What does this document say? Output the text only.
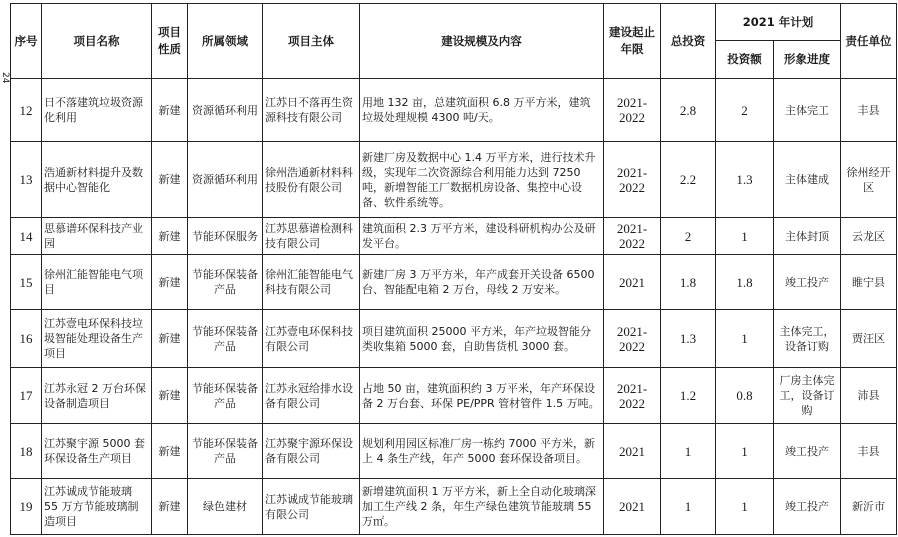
24
序号	项目名称	项目性质	所属领域	项目主体	建设规模及内容	建设起止年限	总投资	2021 年计划		责任单位
								投资额	形象进度	
12	日不落建筑垃圾资源化利用	新建	资源循环利用	江苏日不落再生资源科技有限公司	用地 132 亩，总建筑面积 6.8 万平方米，建筑垃圾处理规模 4300 吨/天。	2021-2022	2.8	2	主体完工	丰县
13	浩通新材料提升及数据中心智能化	新建	资源循环利用	徐州浩通新材料科技股份有限公司	新建厂房及数据中心 1.4 万平方米，进行技术升级，实现年二次资源综合利用能力达到 7250 吨，新增智能工厂数据机房设备、集控中心设备、软件系统等。	2021-2022	2.2	1.3	主体建成	徐州经开区
14	思慕谱环保科技产业园	新建	节能环保服务	江苏思慕谱检测科技有限公司	建筑面积 2.3 万平方米，建设科研机构办公及研发平台。	2021-2022	2	1	主体封顶	云龙区
15	徐州汇能智能电气项目	新建	节能环保装备产品	徐州汇能智能电气科技有限公司	新建厂房 3 万平方米，年产成套开关设备 6500 台、智能配电箱 2 万台，母线 2 万安米。	2021	1.8	1.8	竣工投产	睢宁县
16	江苏壹电环保科技垃圾智能处理设备生产项目	新建	节能环保装备产品	江苏壹电环保科技有限公司	项目建筑面积 25000 平方米，年产垃圾智能分类收集箱 5000 套，自助售货机 3000 套。	2021-2022	1.3	1	主体完工，设备订购	贾汪区
17	江苏永冠 2 万台环保设备制造项目	新建	节能环保装备产品	江苏永冠给排水设备有限公司	占地 50 亩，建筑面积约 3 万平米，年产环保设备 2 万台套、环保 PE/PPR 管材管件 1.5 万吨。	2021-2022	1.2	0.8	厂房主体完工，设备订购	沛县
18	江苏聚宇源 5000 套环保设备生产项目	新建	节能环保装备产品	江苏聚宇源环保设备有限公司	规划利用园区标准厂房一栋约 7000 平方米，新上 4 条生产线，年产 5000 套环保设备项目。	2021	1	1	竣工投产	丰县
19	江苏诚成节能玻璃 55 万方节能玻璃制造项目	新建	绿色建材	江苏诚成节能玻璃有限公司	新增建筑面积 1 万平方米，新上全自动化玻璃深加工生产线 2 条，年生产绿色建筑节能玻璃 55 万㎡。	2021	1	1	竣工投产	新沂市
